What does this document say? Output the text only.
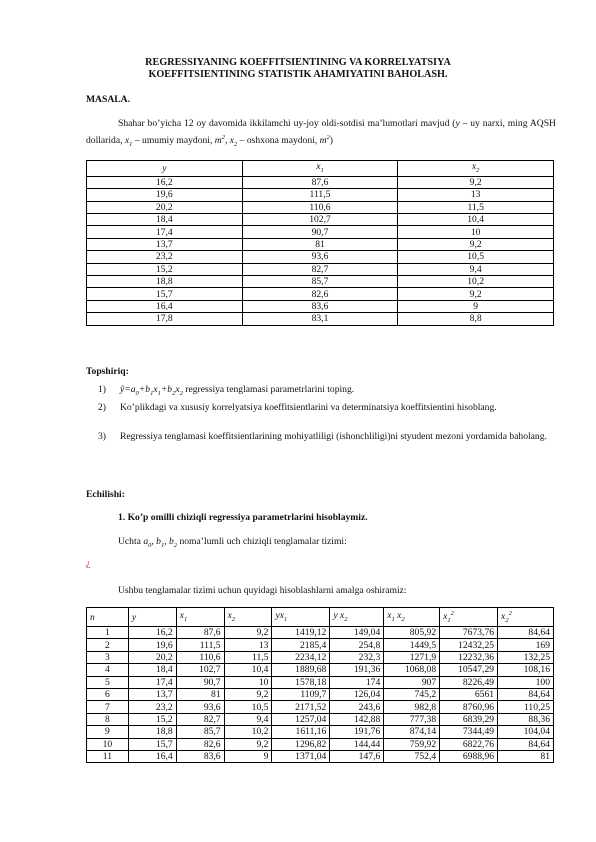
REGRESSIYANING KOEFFITSIENTINING VA KORRELYATSIYA
KOEFFITSIENTINING STATISTIK AHAMIYATINI BAHOLASH.
MASALA.
Shahar bo’yicha 12 oy davomida ikkilamchi uy-joy oldi-sotdisi ma’lumotlari mavjud (y – uy narxi, ming AQSH dollarida, $x_1$ – umumiy maydoni, $m^2$, $x_2$ – oshxona maydoni, $m^2$)
y	$x_1$	$x_2$
16,2	87,6	9,2
19,6	111,5	13
20,2	110,6	11,5
18,4	102,7	10,4
17,4	90,7	10
13,7	81	9,2
23,2	93,6	10,5
15,2	82,7	9,4
18,8	85,7	10,2
15,7	82,6	9,2
16,4	83,6	9
17,8	83,1	8,8
Topshiriq:
1)	$ŷ=a_0+b_1x_1+b_2x_2$ regressiya tenglamasi parametrlarini toping.
2)	Ko’plikdagi va xususiy korrelyatsiya koeffitsientlarini va determinatsiya koeffitsientini hisoblang.
3)	Regressiya tenglamasi koeffitsientlarining mohiyatliligi (ishonchliligi)ni styudent mezoni yordamida baholang.
Echilishi:
1. Ko’p omilli chiziqli regressiya parametrlarini hisoblaymiz.
Uchta $a_0$, $b_1$, $b_2$ noma’lumli uch chiziqli tenglamalar tizimi:
¿
Ushbu tenglamalar tizimi uchun quyidagi hisoblashlarni amalga oshiramiz:
n	y	$x_1$	$x_2$	$yx_1$	y $x_2$	$x_1$ $x_2$	$x_1^2$	$x_2^2$
1	16,2	87,6	9,2	1419,12	149,04	805,92	7673,76	84,64
2	19,6	111,5	13	2185,4	254,8	1449,5	12432,25	169
3	20,2	110,6	11,5	2234,12	232,3	1271,9	12232,36	132,25
4	18,4	102,7	10,4	1889,68	191,36	1068,08	10547,29	108,16
5	17,4	90,7	10	1578,18	174	907	8226,49	100
6	13,7	81	9,2	1109,7	126,04	745,2	6561	84,64
7	23,2	93,6	10,5	2171,52	243,6	982,8	8760,96	110,25
8	15,2	82,7	9,4	1257,04	142,88	777,38	6839,29	88,36
9	18,8	85,7	10,2	1611,16	191,76	874,14	7344,49	104,04
10	15,7	82,6	9,2	1296,82	144,44	759,92	6822,76	84,64
11	16,4	83,6	9	1371,04	147,6	752,4	6988,96	81
